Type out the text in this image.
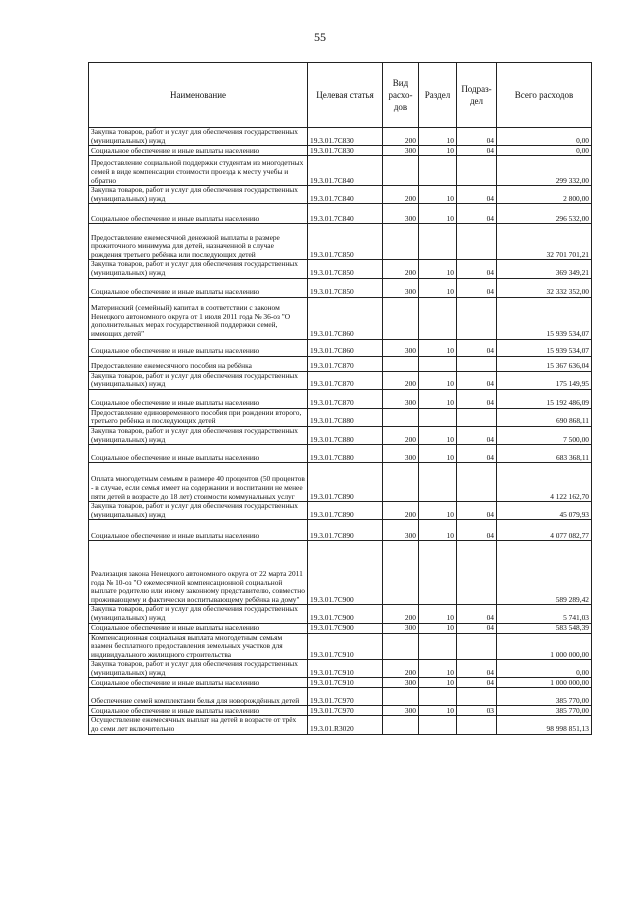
55
Наименование	Целевая статья	Вид расхо-дов	Раздел	Подраз-дел	Всего расходов
Закупка товаров, работ и услуг для обеспечения государственных (муниципальных) нужд	19.3.01.7С830	200	10	04	0,00
Социальное обеспечение и иные выплаты населению	19.3.01.7С830	300	10	04	0,00
Предоставление социальной поддержки студентам из многодетных семей в виде компенсации стоимости проезда к месту учебы и обратно	19.3.01.7С840				299 332,00
Закупка товаров, работ и услуг для обеспечения государственных (муниципальных) нужд	19.3.01.7С840	200	10	04	2 800,00
Социальное обеспечение и иные выплаты населению	19.3.01.7С840	300	10	04	296 532,00
Предоставление ежемесячной денежной выплаты в размере прожиточного минимума для детей, назначенной в случае рождения третьего ребёнка или последующих детей	19.3.01.7С850				32 701 701,21
Закупка товаров, работ и услуг для обеспечения государственных (муниципальных) нужд	19.3.01.7С850	200	10	04	369 349,21
Социальное обеспечение и иные выплаты населению	19.3.01.7С850	300	10	04	32 332 352,00
Материнский (семейный) капитал в соответствии с законом Ненецкого автономного округа от 1 июля 2011 года № 36-оз "О дополнительных мерах государственной поддержки семей, имеющих детей"	19.3.01.7С860				15 939 534,07
Социальное обеспечение и иные выплаты населению	19.3.01.7С860	300	10	04	15 939 534,07
Предоставление ежемесячного пособия на ребёнка	19.3.01.7С870				15 367 636,04
Закупка товаров, работ и услуг для обеспечения государственных (муниципальных) нужд	19.3.01.7С870	200	10	04	175 149,95
Социальное обеспечение и иные выплаты населению	19.3.01.7С870	300	10	04	15 192 486,09
Предоставление единовременного пособия при рождении второго, третьего ребёнка и последующих детей	19.3.01.7С880				690 868,11
Закупка товаров, работ и услуг для обеспечения государственных (муниципальных) нужд	19.3.01.7С880	200	10	04	7 500,00
Социальное обеспечение и иные выплаты населению	19.3.01.7С880	300	10	04	683 368,11
Оплата многодетным семьям в размере 40 процентов (50 процентов - в случае, если семья имеет на содержании и воспитании не менее пяти детей в возрасте до 18 лет) стоимости коммунальных услуг	19.3.01.7С890				4 122 162,70
Закупка товаров, работ и услуг для обеспечения государственных (муниципальных) нужд	19.3.01.7С890	200	10	04	45 079,93
Социальное обеспечение и иные выплаты населению	19.3.01.7С890	300	10	04	4 077 082,77
Реализация закона Ненецкого автономного округа от 22 марта 2011 года № 10-оз "О ежемесячной компенсационной социальной выплате родителю или иному законному представителю, совместно проживающему и фактически воспитывающему ребёнка на дому"	19.3.01.7С900				589 289,42
Закупка товаров, работ и услуг для обеспечения государственных (муниципальных) нужд	19.3.01.7С900	200	10	04	5 741,03
Социальное обеспечение и иные выплаты населению	19.3.01.7С900	300	10	04	583 548,39
Компенсационная социальная выплата многодетным семьям взамен бесплатного предоставления земельных участков для индивидуального жилищного строительства	19.3.01.7С910				1 000 000,00
Закупка товаров, работ и услуг для обеспечения государственных (муниципальных) нужд	19.3.01.7С910	200	10	04	0,00
Социальное обеспечение и иные выплаты населению	19.3.01.7С910	300	10	04	1 000 000,00
Обеспечение семей комплектами белья для новорождённых детей	19.3.01.7С970				385 770,00
Социальное обеспечение и иные выплаты населению	19.3.01.7С970	300	10	03	385 770,00
Осуществление ежемесячных выплат на детей в возрасте от трёх до семи лет включительно	19.3.01.R3020				98 998 851,13
